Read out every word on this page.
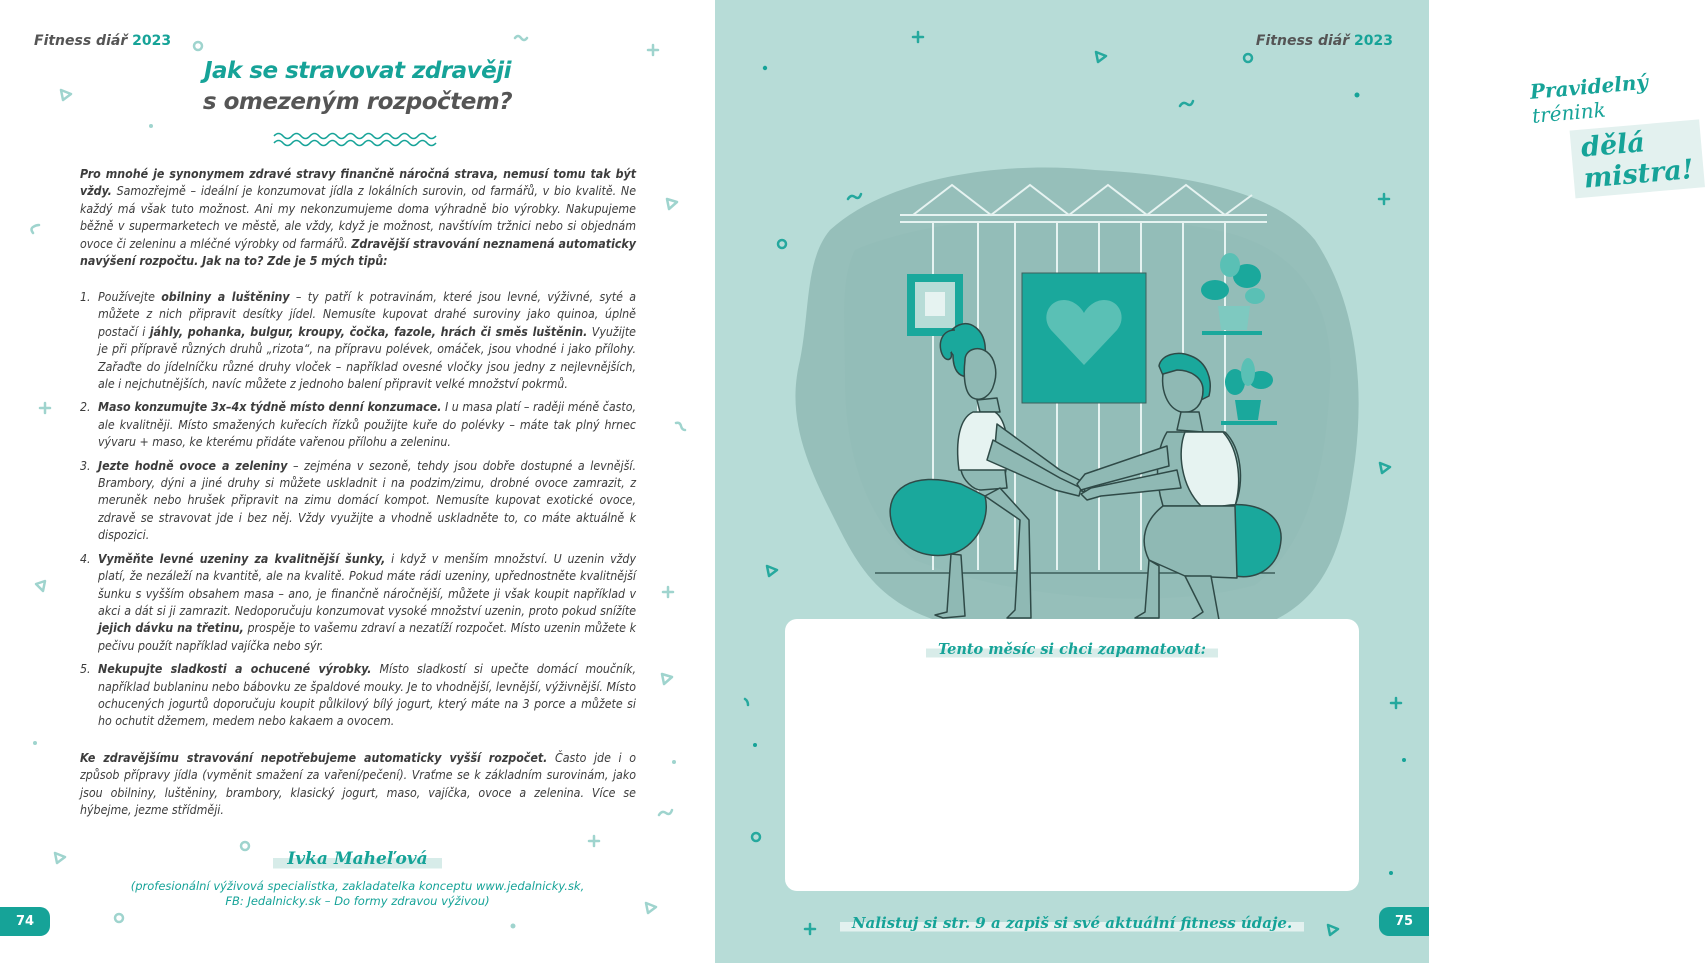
Fitness diář 2023
Jak se stravovat zdravěji
s omezeným rozpočtem?

Pro mnohé je synonymem zdravé stravy finančně náročná strava, nemusí tomu tak být vždy. Samozřejmě – ideální je konzumovat jídla z lokálních surovin, od farmářů, v bio kvalitě. Ne každý má však tuto možnost. Ani my nekonzumujeme doma výhradně bio výrobky. Nakupujeme běžně v supermarketech ve městě, ale vždy, když je možnost, navštívím tržnici nebo si objednám ovoce či zeleninu a mléčné výrobky od farmářů. Zdravější stravování neznamená automaticky navýšení rozpočtu. Jak na to? Zde je 5 mých tipů:

1. Používejte obilniny a luštěniny – ty patří k potravinám, které jsou levné, výživné, syté a můžete z nich připravit desítky jídel. Nemusíte kupovat drahé suroviny jako quinoa, úplně postačí i jáhly, pohanka, bulgur, kroupy, čočka, fazole, hrách či směs luštěnin. Využijte je při přípravě různých druhů „rizota“, na přípravu polévek, omáček, jsou vhodné i jako přílohy. Zařaďte do jídelníčku různé druhy vloček – například ovesné vločky jsou jedny z nejlevnějších, ale i nejchutnějších, navíc můžete z jednoho balení připravit velké množství pokrmů.
2. Maso konzumujte 3x–4x týdně místo denní konzumace. I u masa platí – raději méně často, ale kvalitněji. Místo smažených kuřecích řízků použijte kuře do polévky – máte tak plný hrnec vývaru + maso, ke kterému přidáte vařenou přílohu a zeleninu.
3. Jezte hodně ovoce a zeleniny – zejména v sezoně, tehdy jsou dobře dostupné a levnější. Brambory, dýni a jiné druhy si můžete uskladnit i na podzim/zimu, drobné ovoce zamrazit, z meruněk nebo hrušek připravit na zimu domácí kompot. Nemusíte kupovat exotické ovoce, zdravě se stravovat jde i bez něj. Vždy využijte a vhodně uskladněte to, co máte aktuálně k dispozici.
4. Vyměňte levné uzeniny za kvalitnější šunky, i když v menším množství. U uzenin vždy platí, že nezáleží na kvantitě, ale na kvalitě. Pokud máte rádi uzeniny, upřednostněte kvalitnější šunku s vyšším obsahem masa – ano, je finančně náročnější, můžete ji však koupit například v akci a dát si ji zamrazit. Nedoporučuju konzumovat vysoké množství uzenin, proto pokud snížíte jejich dávku na třetinu, prospěje to vašemu zdraví a nezatíží rozpočet. Místo uzenin můžete k pečivu použít například vajíčka nebo sýr.
5. Nekupujte sladkosti a ochucené výrobky. Místo sladkostí si upečte domácí moučník, například bublaninu nebo bábovku ze špaldové mouky. Je to vhodnější, levnější, výživnější. Místo ochucených jogurtů doporučuju koupit půlkilový bílý jogurt, který máte na 3 porce a můžete si ho ochutit džemem, medem nebo kakaem a ovocem.

Ke zdravějšímu stravování nepotřebujeme automaticky vyšší rozpočet. Často jde i o způsob přípravy jídla (vyměnit smažení za vaření/pečení). Vraťme se k základním surovinám, jako jsou obilniny, luštěniny, brambory, klasický jogurt, maso, vajíčka, ovoce a zelenina. Více se hýbejme, jezme střídměji.

Ivka Maheľová
(profesionální výživová specialistka, zakladatelka konceptu www.jedalnicky.sk,
FB: Jedalnicky.sk – Do formy zdravou výživou)
74
Fitness diář 2023
Pravidelný trénink
dělá mistra!
75
Tento měsíc si chci zapamatovat:
Nalistuj si str. 9 a zapiš si své aktuální fitness údaje.
